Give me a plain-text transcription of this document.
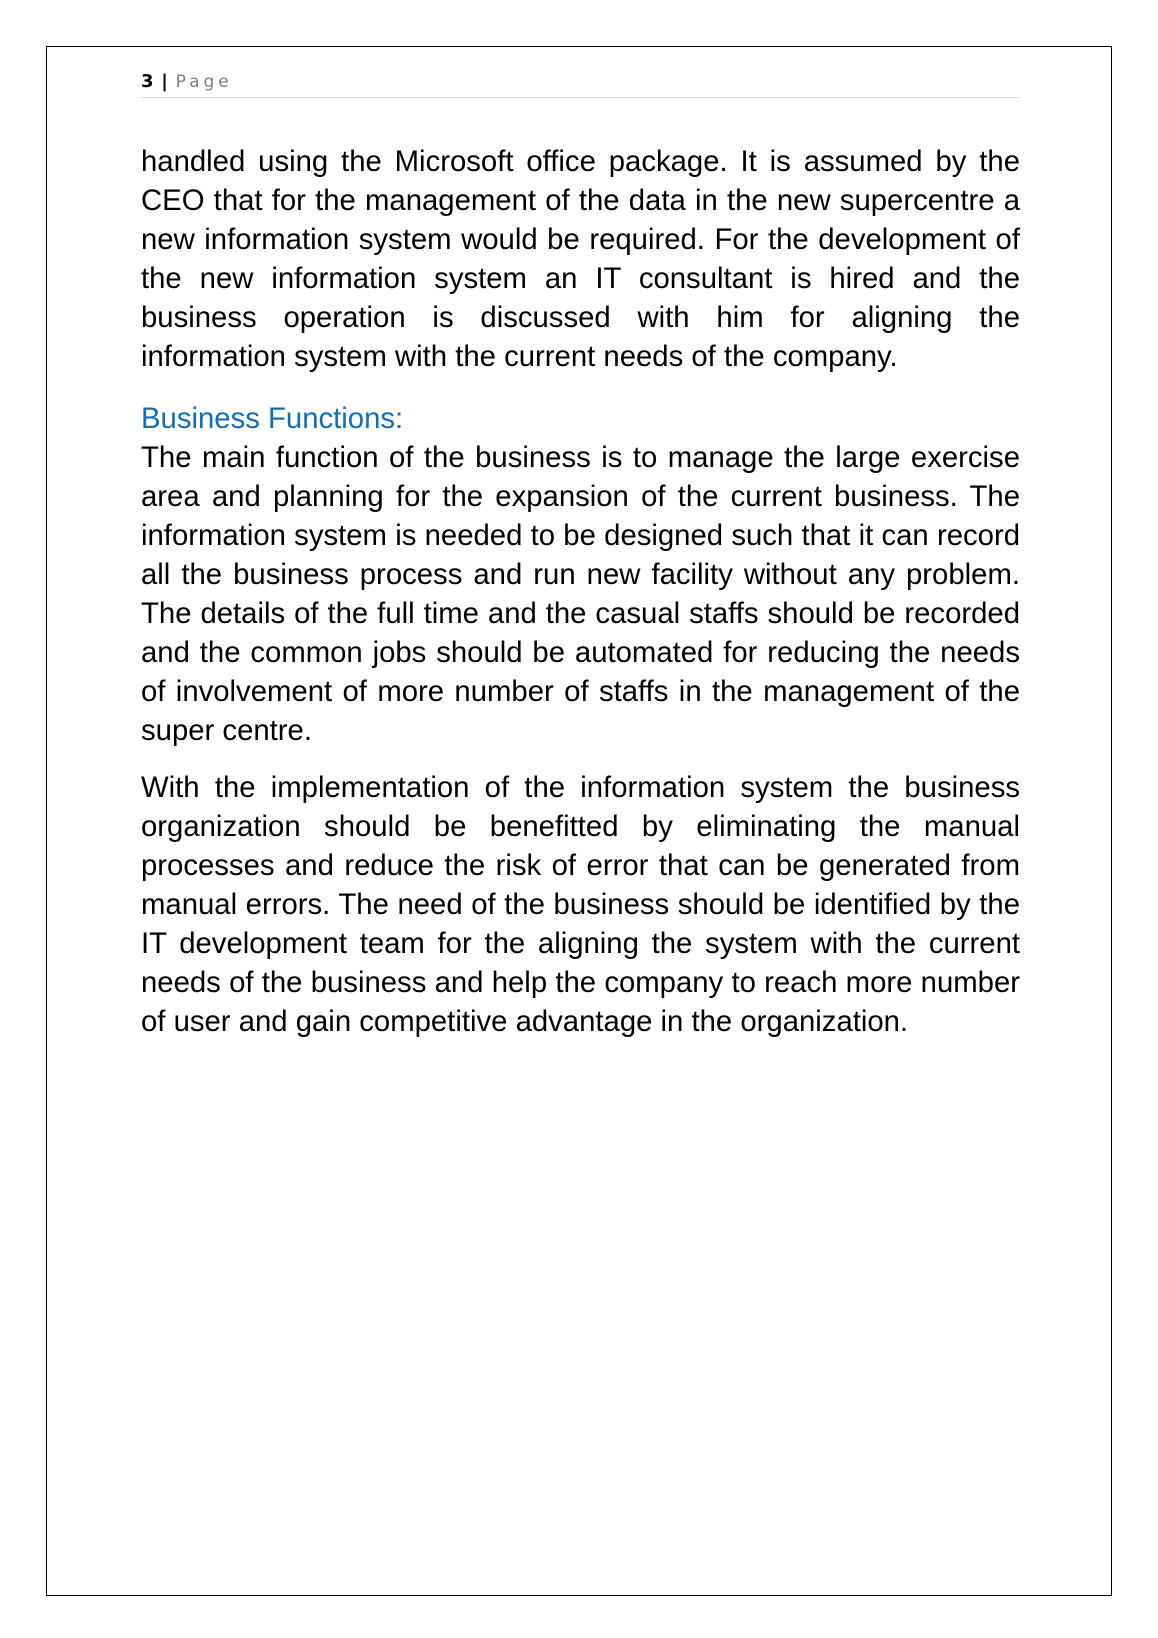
3 | Page

handled using the Microsoft office package. It is assumed by the CEO that for the management of the data in the new supercentre a new information system would be required. For the development of the new information system an IT consultant is hired and the business operation is discussed with him for aligning the information system with the current needs of the company.

Business Functions:

The main function of the business is to manage the large exercise area and planning for the expansion of the current business. The information system is needed to be designed such that it can record all the business process and run new facility without any problem. The details of the full time and the casual staffs should be recorded and the common jobs should be automated for reducing the needs of involvement of more number of staffs in the management of the super centre.

With the implementation of the information system the business organization should be benefitted by eliminating the manual processes and reduce the risk of error that can be generated from manual errors. The need of the business should be identified by the IT development team for the aligning the system with the current needs of the business and help the company to reach more number of user and gain competitive advantage in the organization.
